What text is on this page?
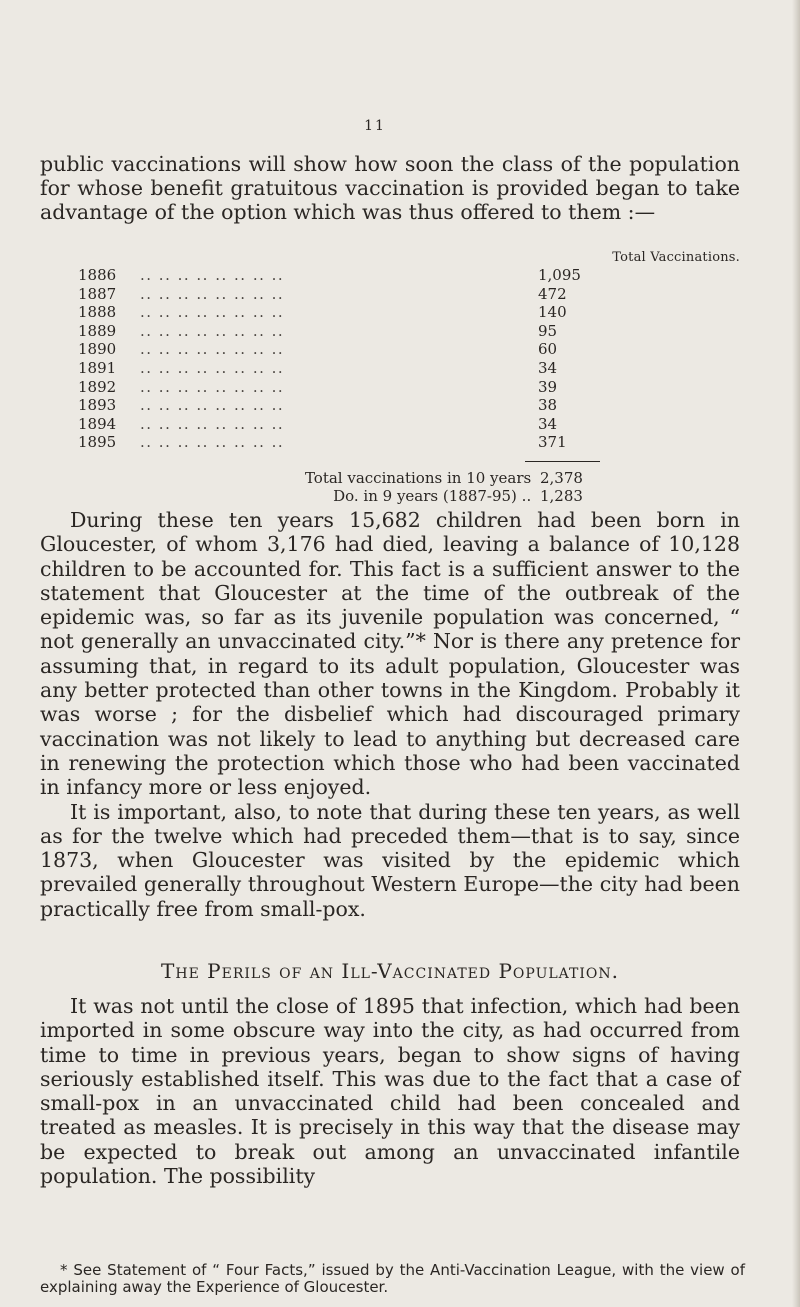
11
public vaccinations will show how soon the class of the population for whose benefit gratuitous vaccination is provided began to take advantage of the option which was thus offered to them :—
Total Vaccinations.
1886 .. .. .. .. .. .. .. ..	1,095
1887 .. .. .. .. .. .. .. ..	472
1888 .. .. .. .. .. .. .. ..	140
1889 .. .. .. .. .. .. .. ..	95
1890 .. .. .. .. .. .. .. ..	60
1891 .. .. .. .. .. .. .. ..	34
1892 .. .. .. .. .. .. .. ..	39
1893 .. .. .. .. .. .. .. ..	38
1894 .. .. .. .. .. .. .. ..	34
1895 .. .. .. .. .. .. .. ..	371
Total vaccinations in 10 years 2,378
Do. in 9 years (1887-95) .. 1,283

During these ten years 15,682 children had been born in Gloucester, of whom 3,176 had died, leaving a balance of 10,128 children to be accounted for. This fact is a sufficient answer to the statement that Gloucester at the time of the outbreak of the epidemic was, so far as its juvenile population was concerned, “ not generally an unvaccinated city.”* Nor is there any pretence for assuming that, in regard to its adult population, Gloucester was any better protected than other towns in the Kingdom. Probably it was worse ; for the disbelief which had discouraged primary vaccination was not likely to lead to anything but decreased care in renewing the protection which those who had been vaccinated in infancy more or less enjoyed.

It is important, also, to note that during these ten years, as well as for the twelve which had preceded them—that is to say, since 1873, when Gloucester was visited by the epidemic which prevailed generally throughout Western Europe—the city had been practically free from small-pox.

The Perils of an Ill-Vaccinated Population.

It was not until the close of 1895 that infection, which had been imported in some obscure way into the city, as had occurred from time to time in previous years, began to show signs of having seriously established itself. This was due to the fact that a case of small-pox in an unvaccinated child had been concealed and treated as measles. It is precisely in this way that the disease may be expected to break out among an unvaccinated infantile population. The possibility

* See Statement of “ Four Facts,” issued by the Anti-Vaccination League, with the view of explaining away the Experience of Gloucester.
